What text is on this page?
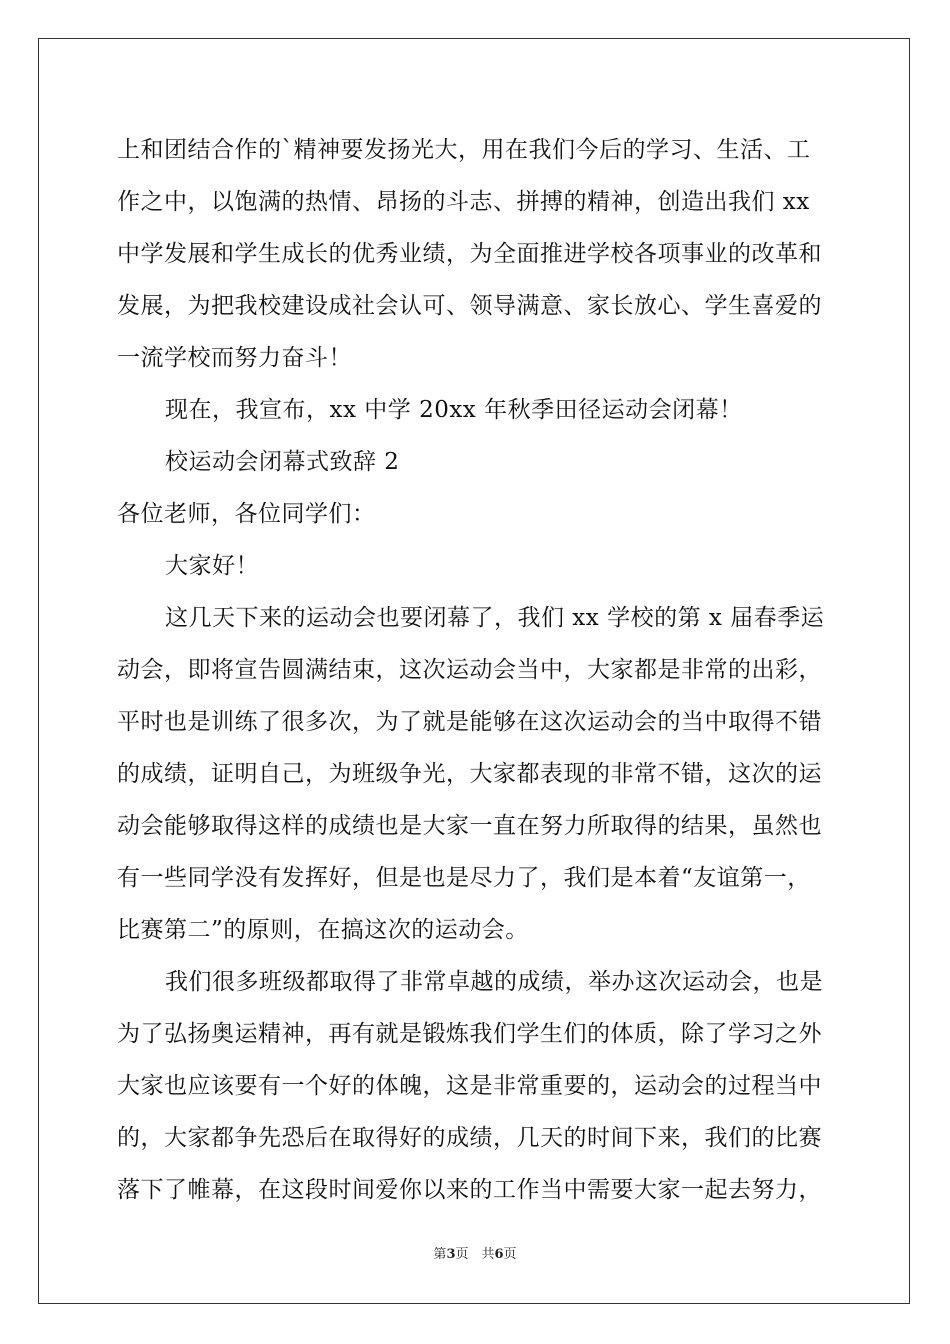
上和团结合作的`精神要发扬光大，用在我们今后的学习、生活、工
作之中，以饱满的热情、昂扬的斗志、拼搏的精神，创造出我们 xx
中学发展和学生成长的优秀业绩，为全面推进学校各项事业的改革和
发展，为把我校建设成社会认可、领导满意、家长放心、学生喜爱的
一流学校而努力奋斗！
现在，我宣布，xx 中学 20xx 年秋季田径运动会闭幕！
校运动会闭幕式致辞 2
各位老师，各位同学们：
大家好！
这几天下来的运动会也要闭幕了，我们 xx 学校的第 x 届春季运
动会，即将宣告圆满结束，这次运动会当中，大家都是非常的出彩，
平时也是训练了很多次，为了就是能够在这次运动会的当中取得不错
的成绩，证明自己，为班级争光，大家都表现的非常不错，这次的运
动会能够取得这样的成绩也是大家一直在努力所取得的结果，虽然也
有一些同学没有发挥好，但是也是尽力了，我们是本着“友谊第一，
比赛第二”的原则，在搞这次的运动会。
我们很多班级都取得了非常卓越的成绩，举办这次运动会，也是
为了弘扬奥运精神，再有就是锻炼我们学生们的体质，除了学习之外
大家也应该要有一个好的体魄，这是非常重要的，运动会的过程当中
的，大家都争先恐后在取得好的成绩，几天的时间下来，我们的比赛
落下了帷幕，在这段时间爱你以来的工作当中需要大家一起去努力，
第3页　共6页
